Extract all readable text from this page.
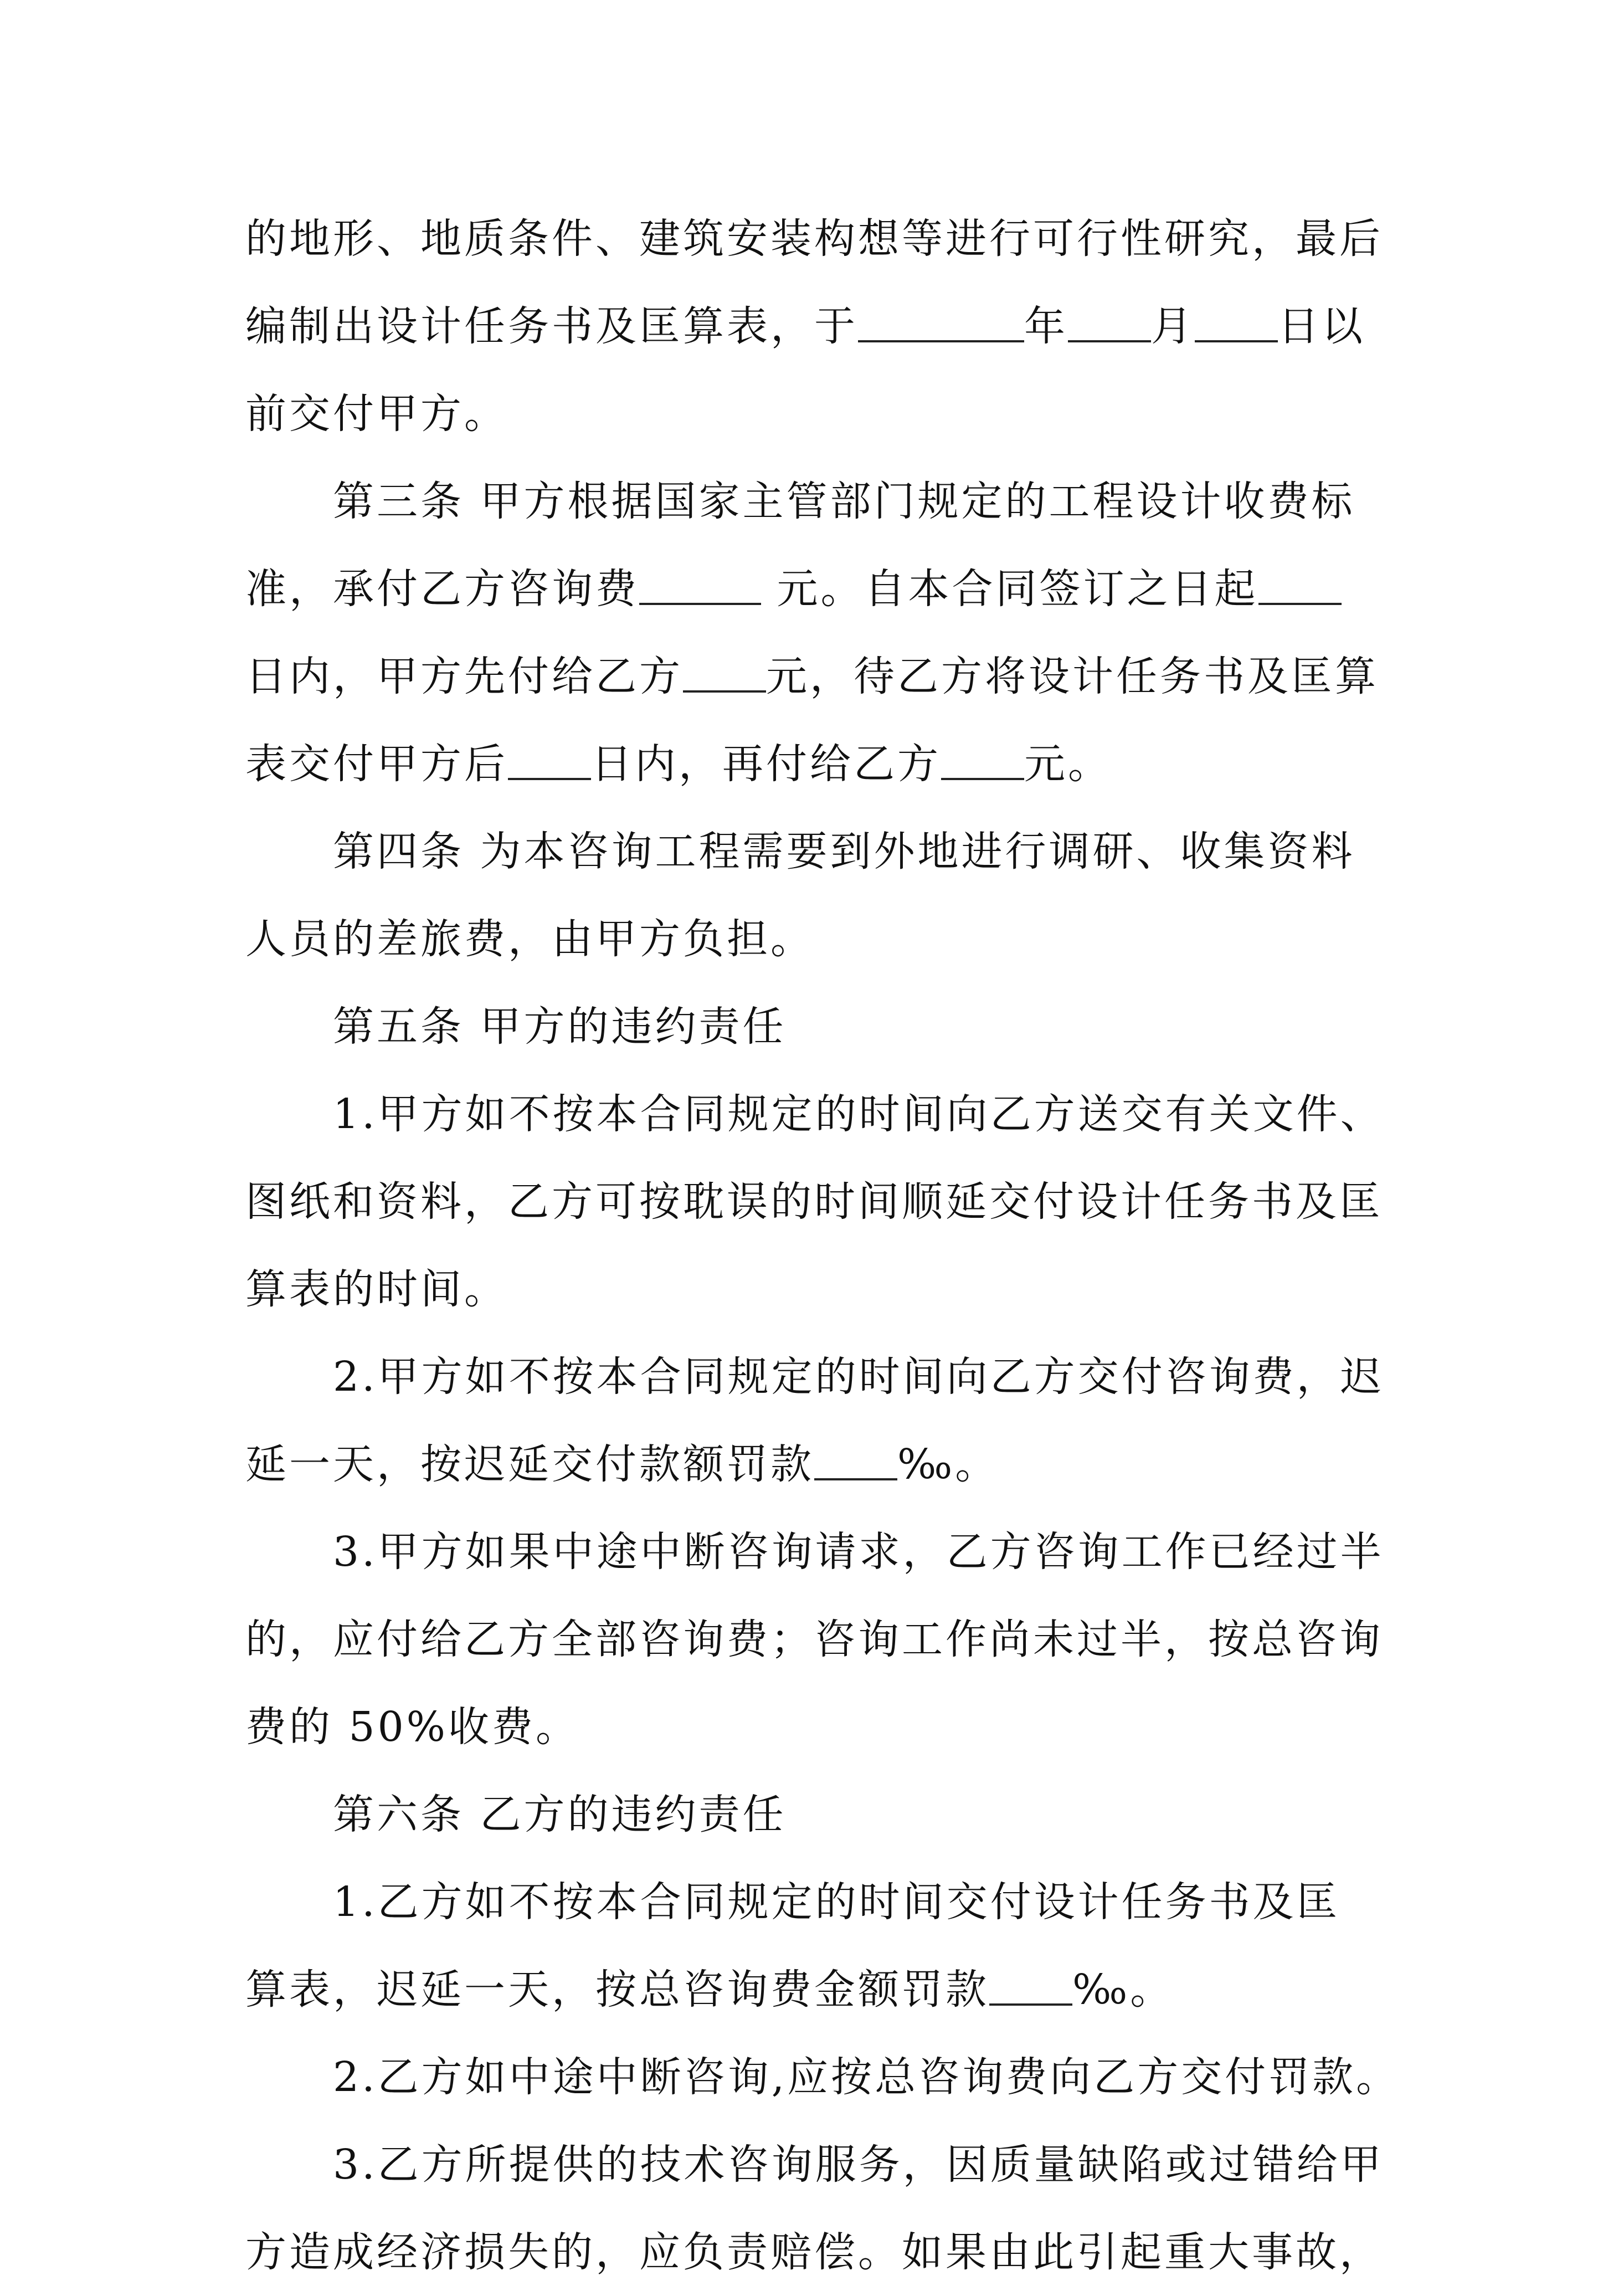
的地形、地质条件、建筑安装构想等进行可行性研究，最后
编制出设计任务书及匡算表，于	年 月 日以
前交付甲方。
第三条 甲方根据国家主管部门规定的工程设计收费标
准，承付乙方咨询费	元。自本合同签订之日起
日内，甲方先付给乙方 元，待乙方将设计任务书及匡算
表交付甲方后 日内，再付给乙方 元。
第四条 为本咨询工程需要到外地进行调研、收集资料
人员的差旅费，由甲方负担。
第五条 甲方的违约责任
1.甲方如不按本合同规定的时间向乙方送交有关文件、
图纸和资料，乙方可按耽误的时间顺延交付设计任务书及匡
算表的时间。
2.甲方如不按本合同规定的时间向乙方交付咨询费，迟
延一天，按迟延交付款额罚款 ‰。
3.甲方如果中途中断咨询请求，乙方咨询工作已经过半
的，应付给乙方全部咨询费；咨询工作尚未过半，按总咨询
费的 50%收费。
第六条 乙方的违约责任
1.乙方如不按本合同规定的时间交付设计任务书及匡
算表，迟延一天，按总咨询费金额罚款 ‰。
2.乙方如中途中断咨询,应按总咨询费向乙方交付罚款。
3.乙方所提供的技术咨询服务，因质量缺陷或过错给甲
方造成经济损失的，应负责赔偿。如果由此引起重大事故，
